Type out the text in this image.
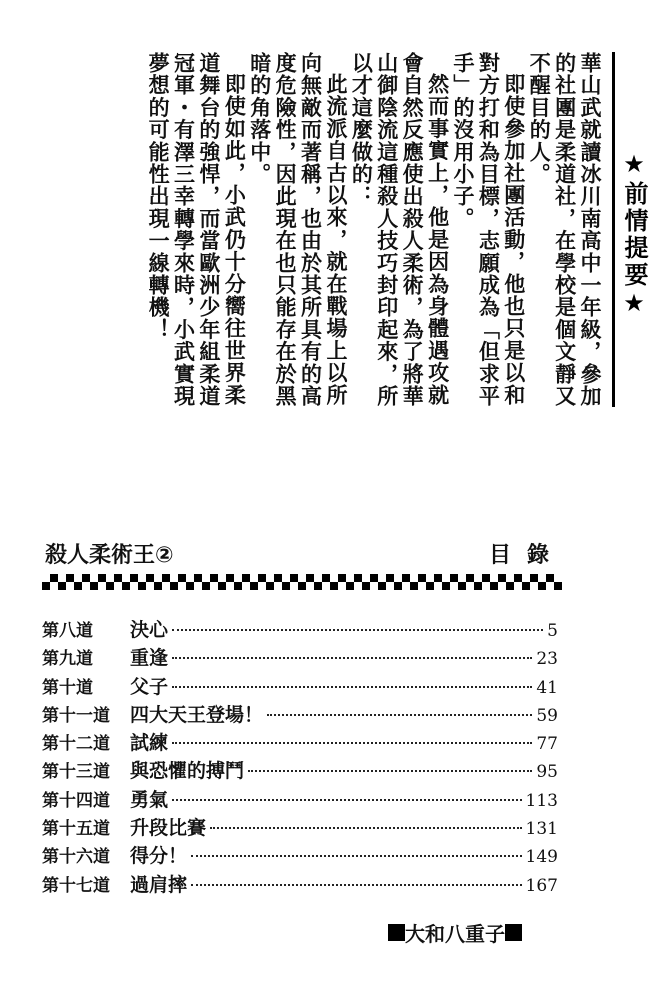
★前情提要★

華山武就讀冰川南高中一年級，參加的社團是柔道社，在學校是個文靜又不醒目的人。

即使參加社團活動，他也只是以和對方打和為目標，志願成為「但求平手」的沒用小子。

然而事實上，他是因為身體遇攻就會自然反應使出殺人柔術，為了將華山御陰流這種殺人技巧封印起來，所以才這麼做的：

此流派自古以來，就在戰場上以所向無敵而著稱，也由於其所具有的高度危險性，因此現在也只能存在於黑暗的角落中。

即使如此，小武仍十分嚮往世界柔道舞台的強悍，而當歐洲少年組柔道冠軍・有澤三幸轉學來時，小武實現夢想的可能性出現一線轉機！

殺人柔術王②	目錄
第八道	決心	5
第九道	重逢	23
第十道	父子	41
第十一道	四大天王登場！	59
第十二道	試練	77
第十三道	與恐懼的搏鬥	95
第十四道	勇氣	113
第十五道	升段比賽	131
第十六道	得分！	149
第十七道	過肩摔	167
大和八重子
